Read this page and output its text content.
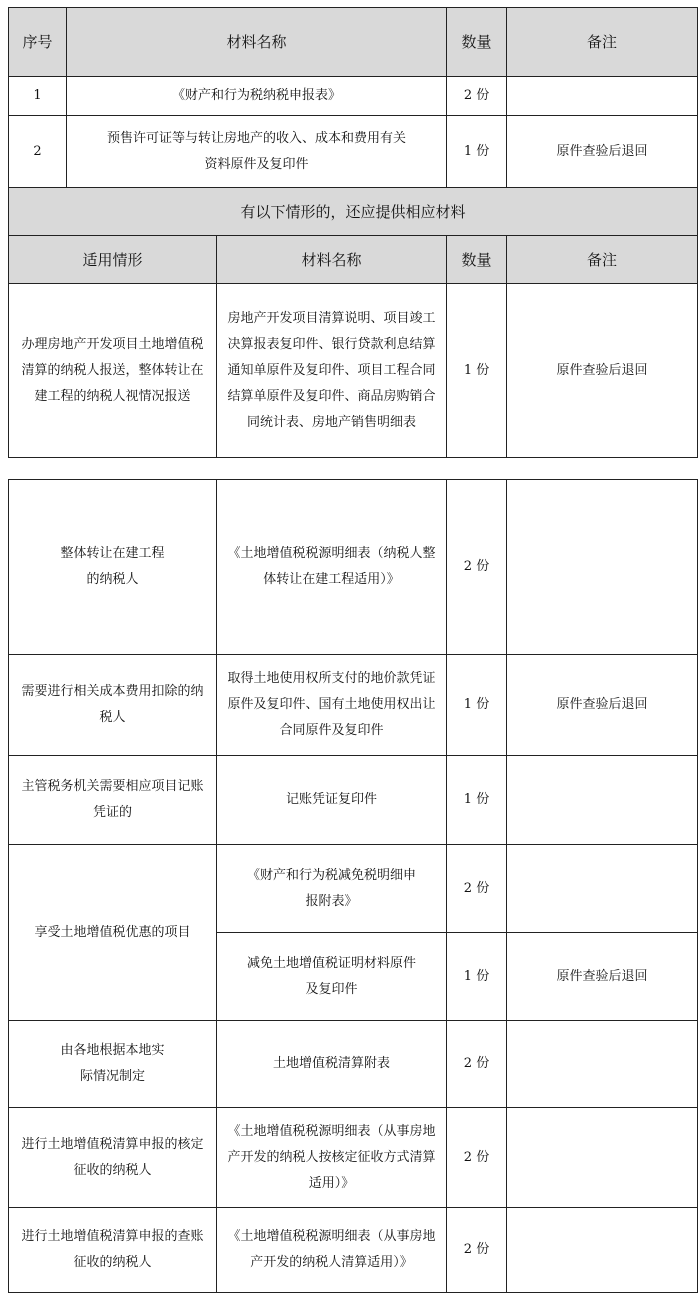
序号	材料名称		数量	备注
1	《财产和行为税纳税申报表》		2 份	
2	预售许可证等与转让房地产的收入、成本和费用有关资料原件及复印件		1 份	原件查验后退回
有以下情形的，还应提供相应材料				
适用情形		材料名称	数量	备注
办理房地产开发项目土地增值税清算的纳税人报送，整体转让在建工程的纳税人视情况报送		房地产开发项目清算说明、项目竣工决算报表复印件、银行贷款利息结算通知单原件及复印件、项目工程合同结算单原件及复印件、商品房购销合同统计表、房地产销售明细表	1 份	原件查验后退回
整体转让在建工程的纳税人	《土地增值税税源明细表（纳税人整体转让在建工程适用）》	2 份	
需要进行相关成本费用扣除的纳税人	取得土地使用权所支付的地价款凭证原件及复印件、国有土地使用权出让合同原件及复印件	1 份	原件查验后退回
主管税务机关需要相应项目记账凭证的	记账凭证复印件	1 份	
享受土地增值税优惠的项目	《财产和行为税减免税明细申报附表》	2 份	
	减免土地增值税证明材料原件及复印件	1 份	原件查验后退回
由各地根据本地实际情况制定	土地增值税清算附表	2 份	
进行土地增值税清算申报的核定征收的纳税人	《土地增值税税源明细表（从事房地产开发的纳税人按核定征收方式清算适用）》	2 份	
进行土地增值税清算申报的查账征收的纳税人	《土地增值税税源明细表（从事房地产开发的纳税人清算适用）》	2 份	
